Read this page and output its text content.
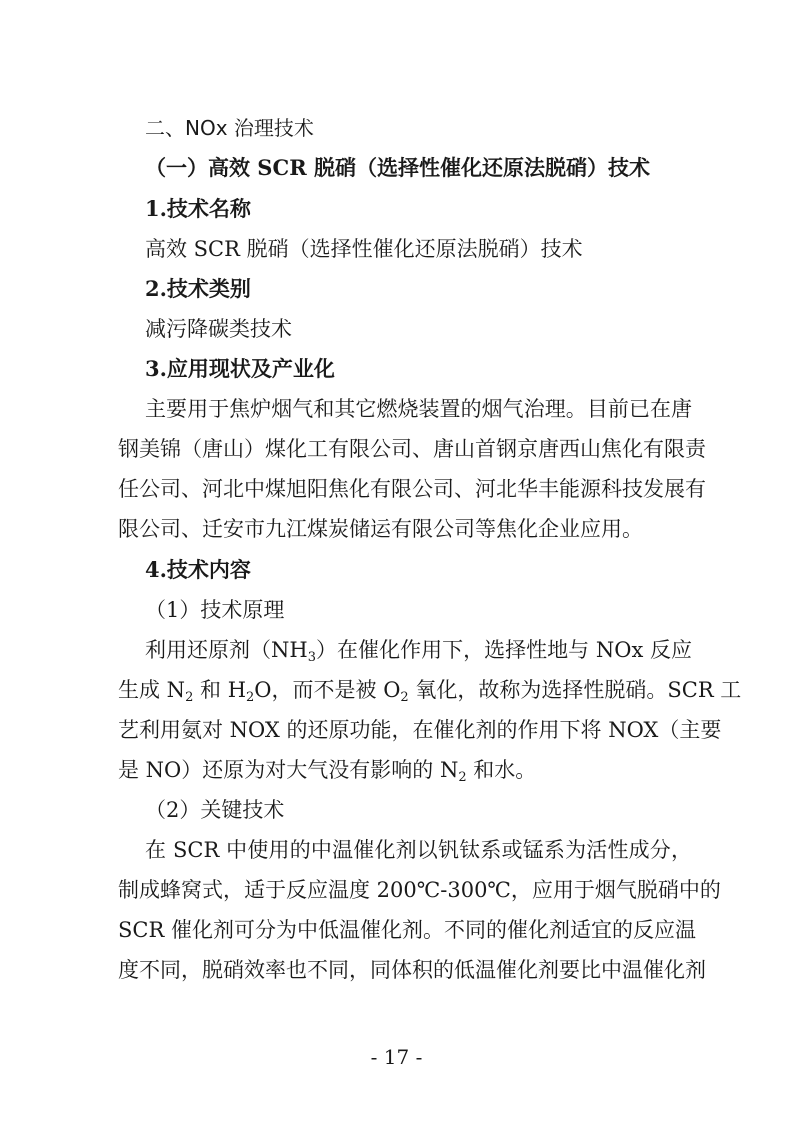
二、NOx 治理技术
（一）高效 SCR 脱硝（选择性催化还原法脱硝）技术
1.技术名称
高效 SCR 脱硝（选择性催化还原法脱硝）技术
2.技术类别
减污降碳类技术
3.应用现状及产业化
主要用于焦炉烟气和其它燃烧装置的烟气治理。目前已在唐
钢美锦（唐山）煤化工有限公司、唐山首钢京唐西山焦化有限责
任公司、河北中煤旭阳焦化有限公司、河北华丰能源科技发展有
限公司、迁安市九江煤炭储运有限公司等焦化企业应用。
4.技术内容
（1）技术原理
利用还原剂$(NH_3)$在催化作用下，选择性地与 NOx 反应
生成 $N_2$ 和 $H_2O$，而不是被 $O_2$ 氧化，故称为选择性脱硝。SCR 工
艺利用氨对 NOX 的还原功能，在催化剂的作用下将 NOX（主要
是 NO）还原为对大气没有影响的 $N_2$ 和水。
（2）关键技术
在 SCR 中使用的中温催化剂以钒钛系或锰系为活性成分，
制成蜂窝式，适于反应温度 200℃-300℃，应用于烟气脱硝中的
SCR 催化剂可分为中低温催化剂。不同的催化剂适宜的反应温
度不同，脱硝效率也不同，同体积的低温催化剂要比中温催化剂
- 17 -
